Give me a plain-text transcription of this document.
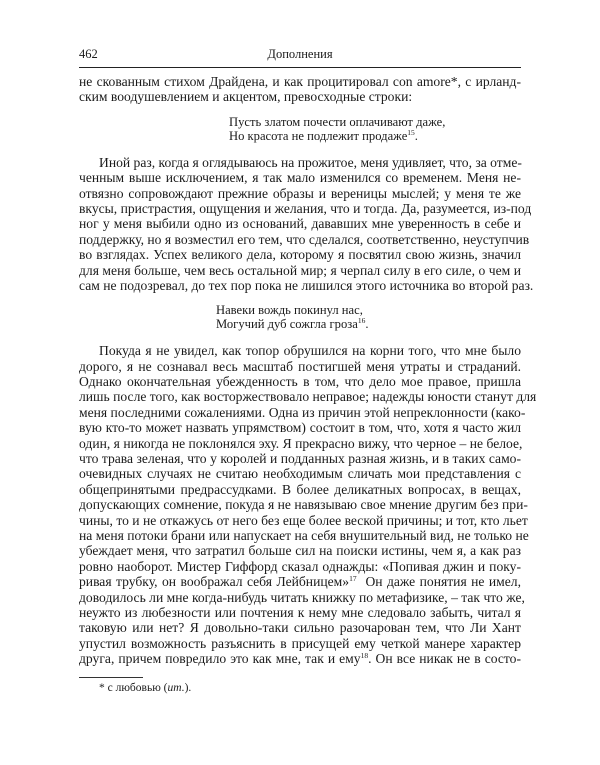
462	Дополнения
не скованным стихом Драйдена, и как процитировал con amore*, с ирланд-
ским воодушевлением и акцентом, превосходные строки:
Пусть златом почести оплачивают даже,
Но красота не подлежит продаже$^{15}$.
Иной раз, когда я оглядываюсь на прожитое, меня удивляет, что, за отме-
ченным выше исключением, я так мало изменился со временем. Меня не-
отвязно сопровождают прежние образы и вереницы мыслей; у меня те же
вкусы, пристрастия, ощущения и желания, что и тогда. Да, разумеется, из-под
ног у меня выбили одно из оснований, дававших мне уверенность в себе и
поддержку, но я возместил его тем, что сделался, соответственно, неуступчив
во взглядах. Успех великого дела, которому я посвятил свою жизнь, значил
для меня больше, чем весь остальной мир; я черпал силу в его силе, о чем и
сам не подозревал, до тех пор пока не лишился этого источника во второй раз.
Навеки вождь покинул нас,
Могучий дуб сожгла гроза$^{16}$.
Покуда я не увидел, как топор обрушился на корни того, что мне было
дорого, я не сознавал весь масштаб постигшей меня утраты и страданий.
Однако окончательная убежденность в том, что дело мое правое, пришла
лишь после того, как восторжествовало неправое; надежды юности станут для
меня последними сожалениями. Одна из причин этой непреклонности (како-
вую кто-то может назвать упрямством) состоит в том, что, хотя я часто жил
один, я никогда не поклонялся эху. Я прекрасно вижу, что черное – не белое,
что трава зеленая, что у королей и подданных разная жизнь, и в таких само-
очевидных случаях не считаю необходимым сличать мои представления с
общепринятыми предрассудками. В более деликатных вопросах, в вещах,
допускающих сомнение, покуда я не навязываю свое мнение другим без при-
чины, то и не откажусь от него без еще более веской причины; и тот, кто льет
на меня потоки брани или напускает на себя внушительный вид, не только не
убеждает меня, что затратил больше сил на поиски истины, чем я, а как раз
ровно наоборот. Мистер Гиффорд сказал однажды: «Попивая джин и поку-
ривая трубку, он воображал себя Лейбницем»$^{17}$  Он даже понятия не имел,
доводилось ли мне когда-нибудь читать книжку по метафизике, – так что же,
неужто из любезности или почтения к нему мне следовало забыть, читал я
таковую или нет? Я довольно-таки сильно разочарован тем, что Ли Хант
упустил возможность разъяснить в присущей ему четкой манере характер
друга, причем повредило это как мне, так и ему$^{18}$. Он все никак не в состо-
* с любовью (ит.).
